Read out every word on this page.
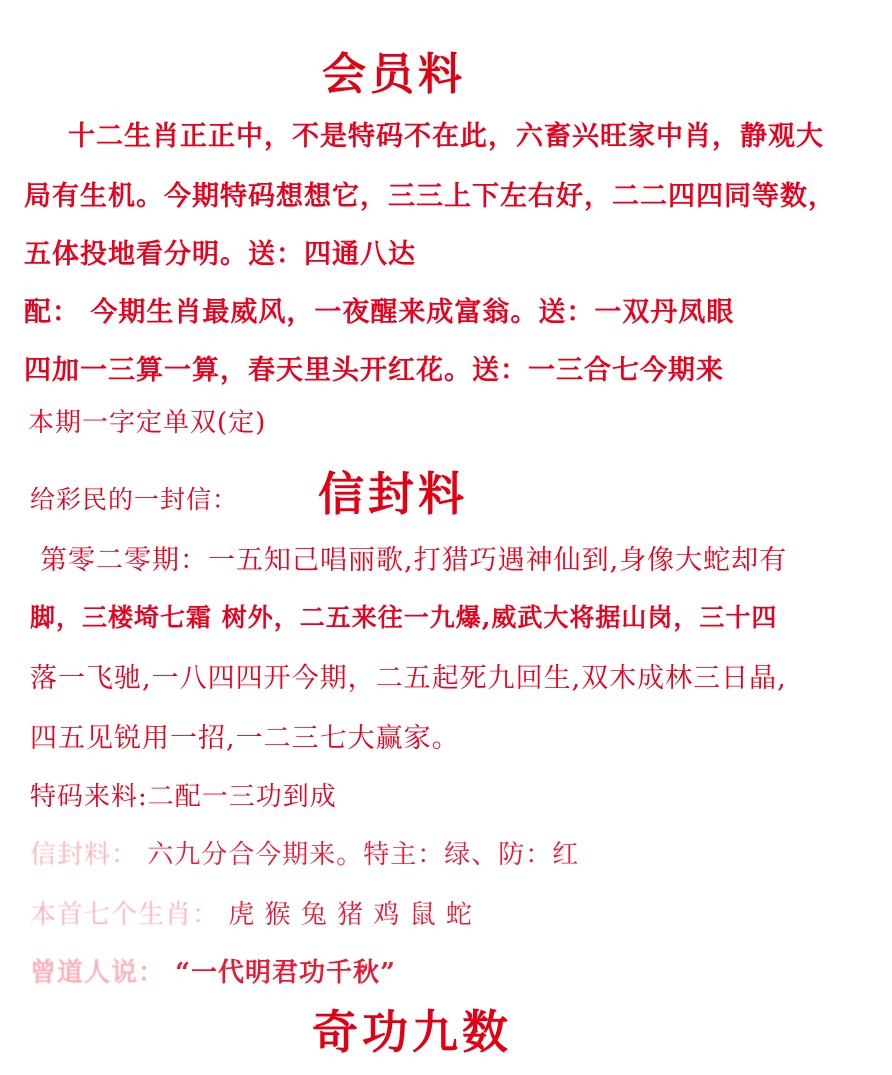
会员料
十二生肖正正中，不是特码不在此，六畜兴旺家中肖，静观大
局有生机。今期特码想想它，三三上下左右好，二二四四同等数，
五体投地看分明。送：四通八达
配： 今期生肖最威风，一夜醒来成富翁。送：一双丹凤眼
四加一三算一算，春天里头开红花。送：一三合七今期来
本期一字定单双(定)
给彩民的一封信： 信封料
第零二零期：一五知己唱丽歌,打猎巧遇神仙到,身像大蛇却有
脚，三楼埼七霜 树外，二五来往一九爆,威武大将据山岗，三十四
落一飞驰,一八四四开今期，二五起死九回生,双木成林三日晶,
四五见锐用一招,一二三七大赢家。
特码来料:二配一三功到成
信封料： 六九分合今期来。特主：绿、防：红
本首七个生肖： 虎 猴 兔 猪 鸡 鼠 蛇
曾道人说： “一代明君功千秋”
奇功九数
